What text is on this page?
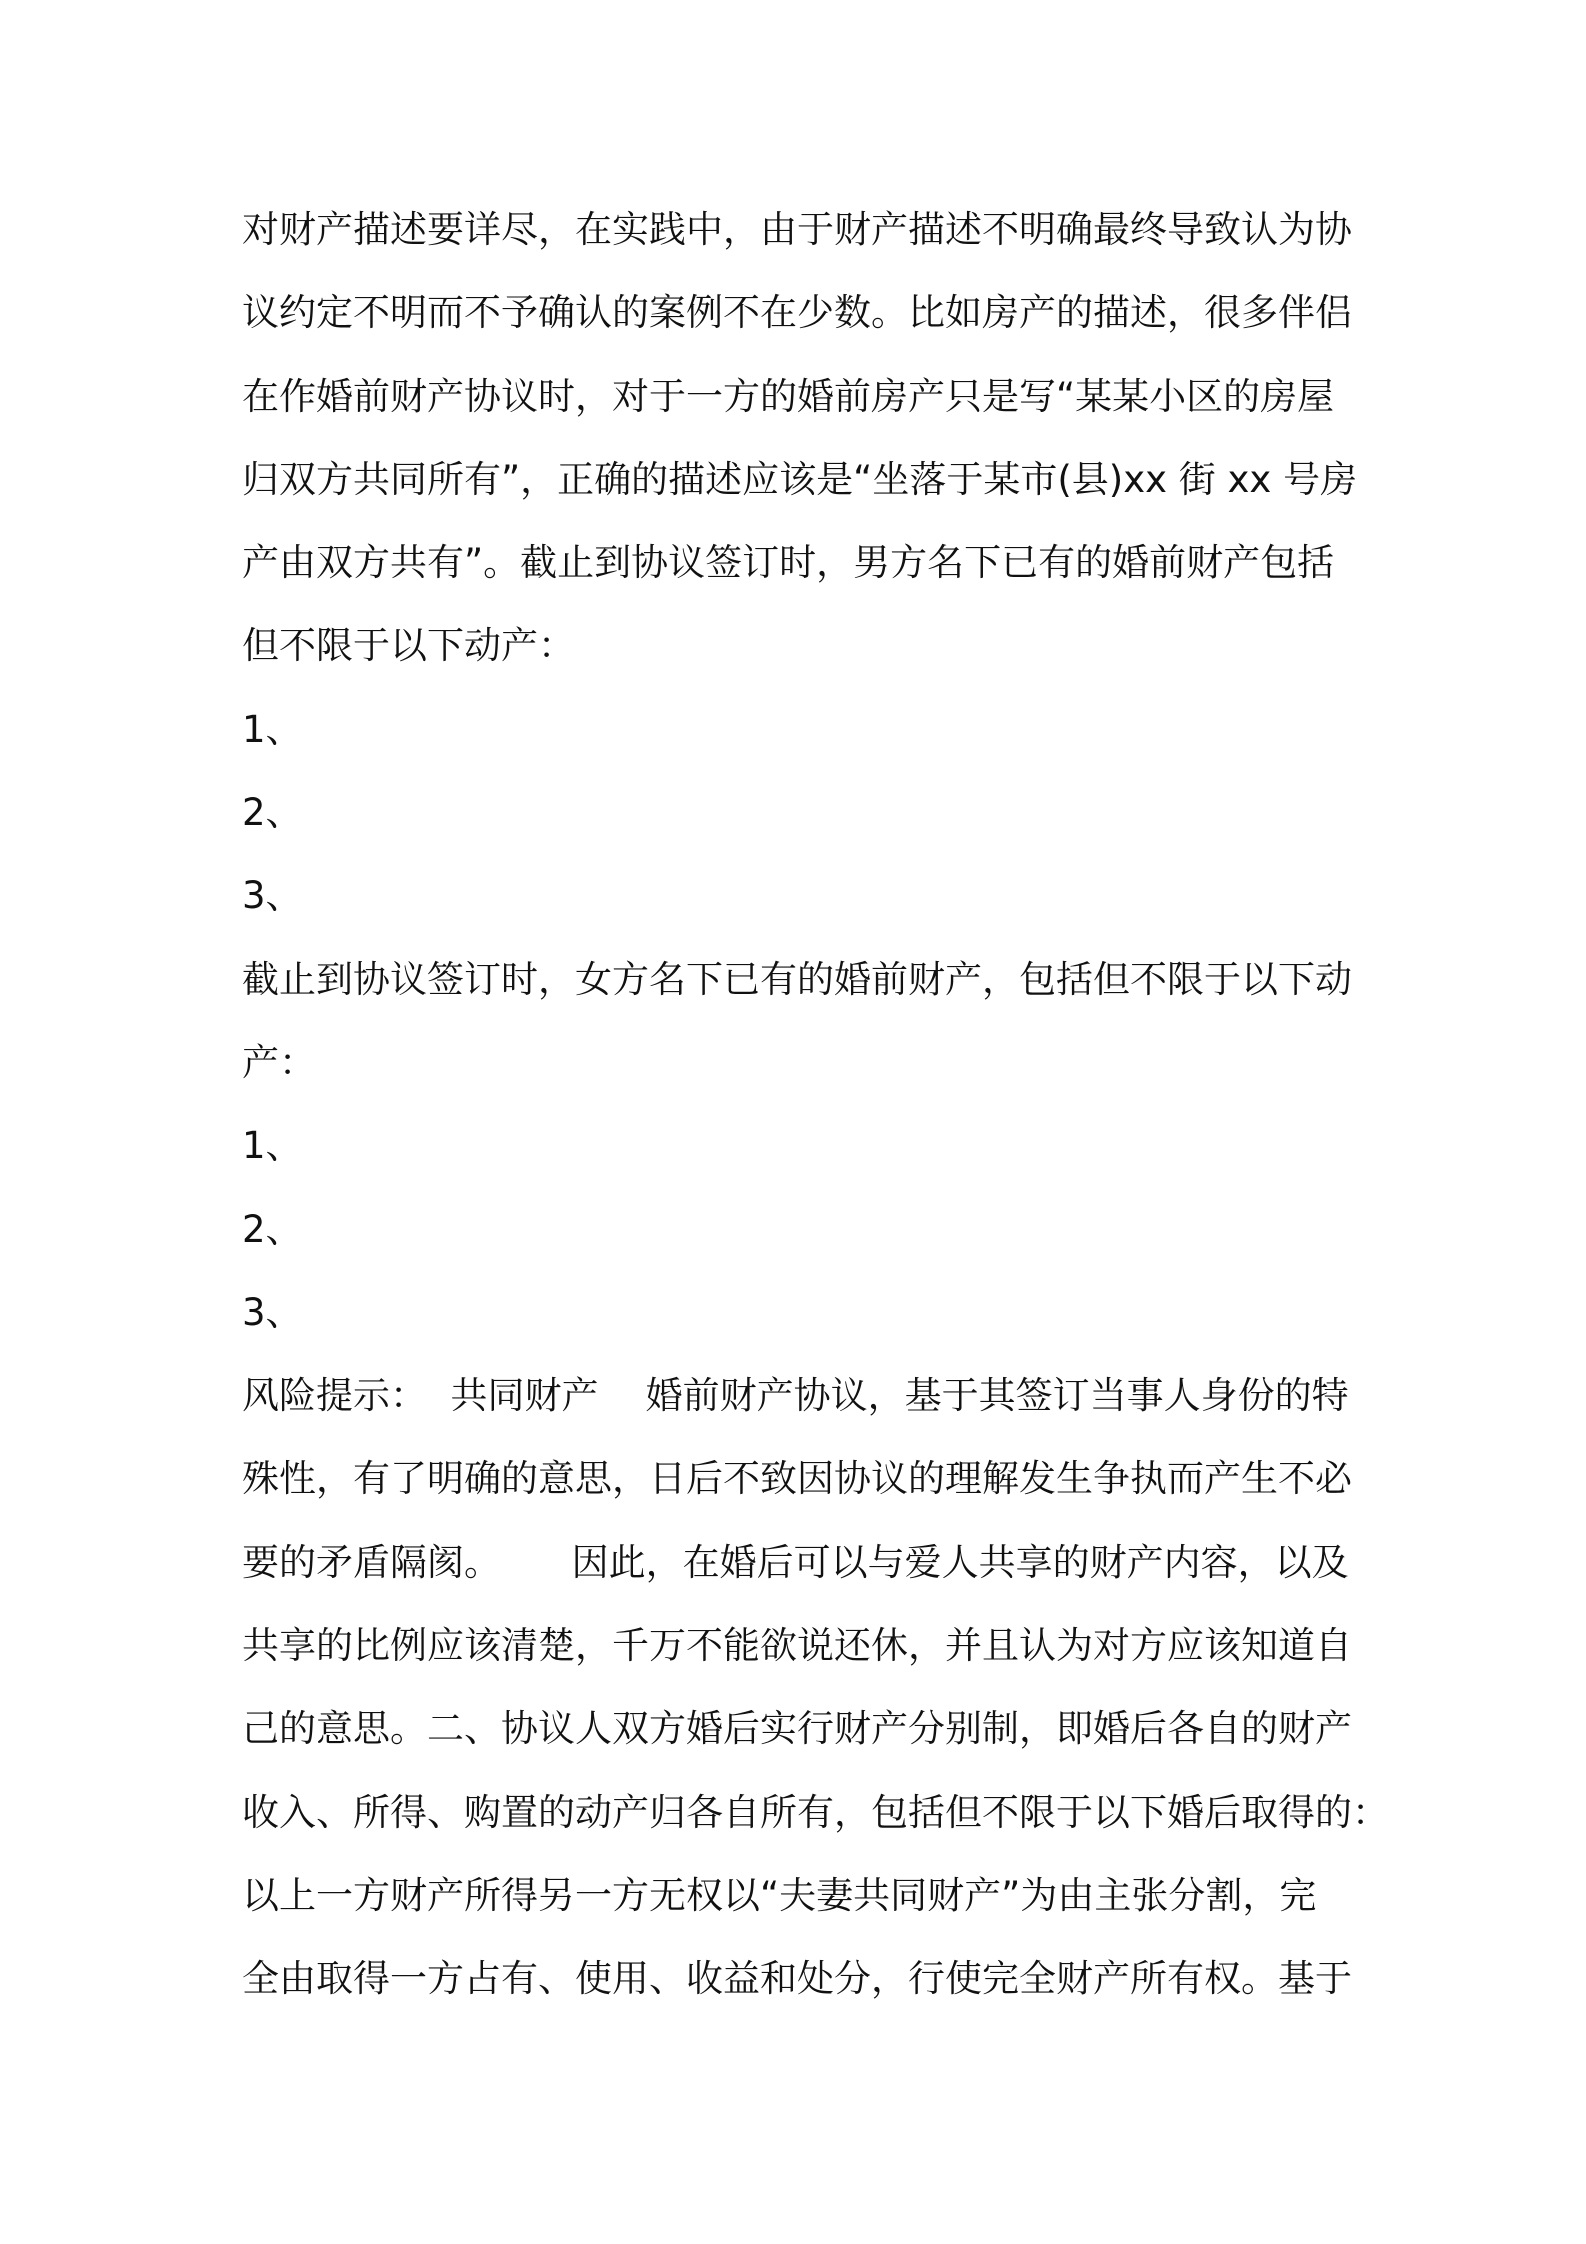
对财产描述要详尽，在实践中，由于财产描述不明确最终导致认为协
议约定不明而不予确认的案例不在少数。比如房产的描述，很多伴侣
在作婚前财产协议时，对于一方的婚前房产只是写“某某小区的房屋
归双方共同所有”，正确的描述应该是“坐落于某市(县)xx 街 xx 号房
产由双方共有”。截止到协议签订时，男方名下已有的婚前财产包括
但不限于以下动产：
1、
2、
3、
截止到协议签订时，女方名下已有的婚前财产，包括但不限于以下动
产：
1、
2、
3、
风险提示：  共同财产    婚前财产协议，基于其签订当事人身份的特
殊性，有了明确的意思，日后不致因协议的理解发生争执而产生不必
要的矛盾隔阂。      因此，在婚后可以与爱人共享的财产内容，以及
共享的比例应该清楚，千万不能欲说还休，并且认为对方应该知道自
己的意思。二、协议人双方婚后实行财产分别制，即婚后各自的财产
收入、所得、购置的动产归各自所有，包括但不限于以下婚后取得的：
以上一方财产所得另一方无权以“夫妻共同财产”为由主张分割，完
全由取得一方占有、使用、收益和处分，行使完全财产所有权。基于
